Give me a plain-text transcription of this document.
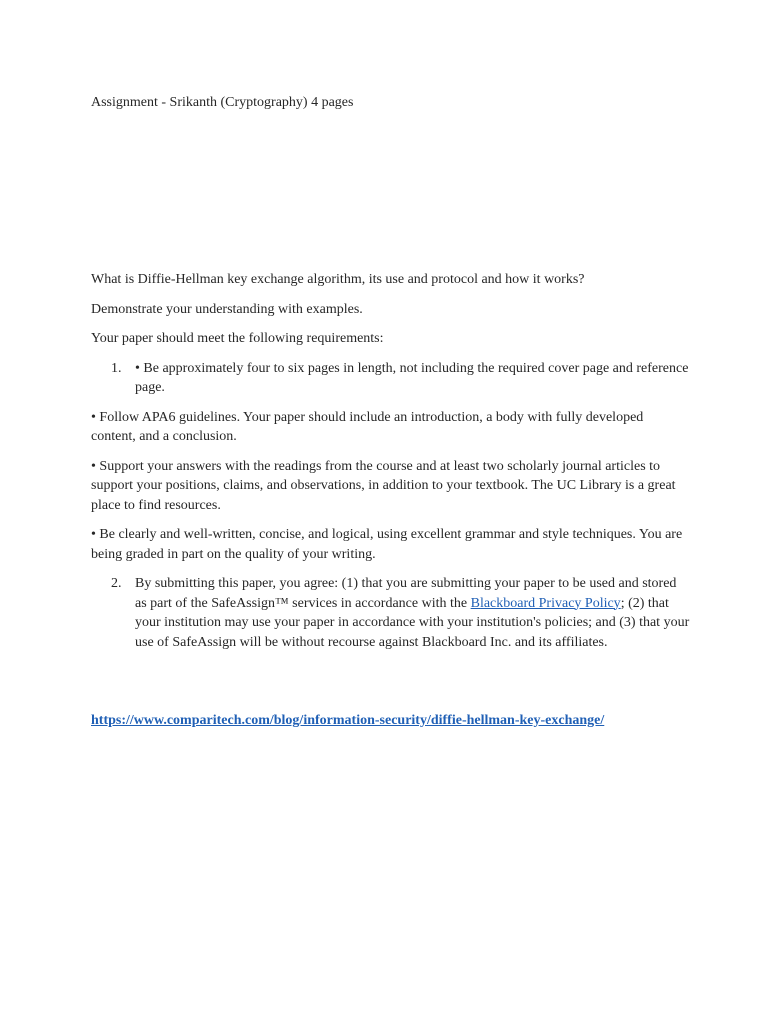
Assignment - Srikanth (Cryptography) 4 pages

What is Diffie-Hellman key exchange algorithm, its use and protocol and how it works?

Demonstrate your understanding with examples.

Your paper should meet the following requirements:

1. • Be approximately four to six pages in length, not including the required cover page and reference page.

• Follow APA6 guidelines. Your paper should include an introduction, a body with fully developed content, and a conclusion.

• Support your answers with the readings from the course and at least two scholarly journal articles to support your positions, claims, and observations, in addition to your textbook. The UC Library is a great place to find resources.

• Be clearly and well-written, concise, and logical, using excellent grammar and style techniques. You are being graded in part on the quality of your writing.

2. By submitting this paper, you agree: (1) that you are submitting your paper to be used and stored as part of the SafeAssign™ services in accordance with the Blackboard Privacy Policy; (2) that your institution may use your paper in accordance with your institution's policies; and (3) that your use of SafeAssign will be without recourse against Blackboard Inc. and its affiliates.
https://www.comparitech.com/blog/information-security/diffie-hellman-key-exchange/
